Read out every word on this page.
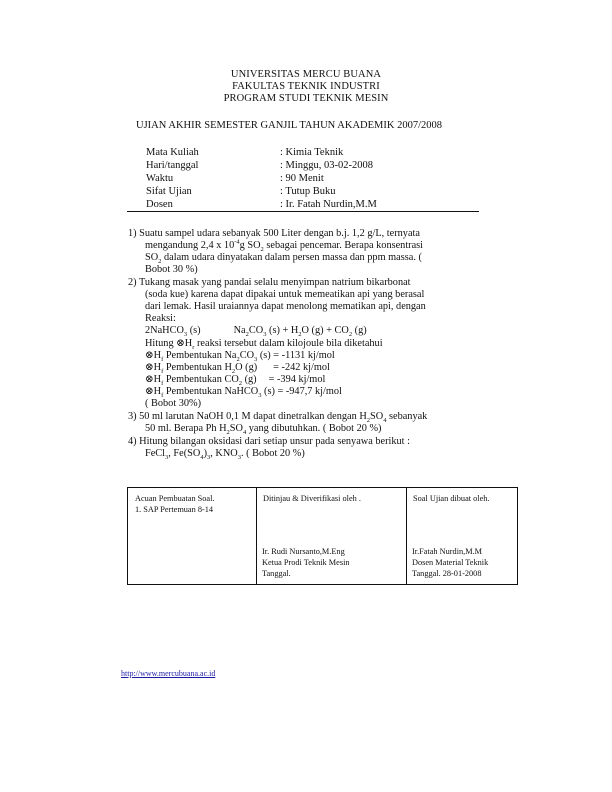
UNIVERSITAS MERCU BUANA
FAKULTAS TEKNIK INDUSTRI
PROGRAM STUDI TEKNIK MESIN
UJIAN AKHIR SEMESTER GANJIL TAHUN AKADEMIK 2007/2008
Mata Kuliah	: Kimia Teknik
Hari/tanggal	: Minggu, 03-02-2008
Waktu	: 90 Menit
Sifat Ujian	: Tutup Buku
Dosen	: Ir. Fatah Nurdin,M.M
1) Suatu sampel udara sebanyak 500 Liter dengan b.j. 1,2 g/L, ternyata
mengandung 2,4 x $10^{-4}g$ $SO_2$ sebagai pencemar. Berapa konsentrasi
$SO_2$ dalam udara dinyatakan dalam persen massa dan ppm massa. (
Bobot 30 %)
2) Tukang masak yang pandai selalu menyimpan natrium bikarbonat
(soda kue) karena dapat dipakai untuk memeatikan api yang berasal
dari lemak. Hasil uraiannya dapat menolong mematikan api, dengan
Reaksi:
2NaHCO$_3$ (s)	$Na_2CO_3$ $(s) + H_2O$ $(g) + CO_2$ (g)
Hitung $\otimes H_r$ reaksi tersebut dalam kilojoule bila diketahui
$\otimes H_f$ Pembentukan $Na_2CO_3$ (s) = -1131 kj/mol
$\otimes H_f$ Pembentukan $H_2O$ (g) = -242 kj/mol
$\otimes H_f$ Pembentukan $CO_2$ (g) = -394 kj/mol
$\otimes H_f$ Pembentukan NaHCO$_3$ (s) = -947,7 kj/mol
( Bobot 30%)
3) 50 ml larutan NaOH 0,1 M dapat dinetralkan dengan $H_2SO_4$ sebanyak
50 ml. Berapa Ph $H_2SO_4$ yang dibutuhkan. ( Bobot 20 %)
4) Hitung bilangan oksidasi dari setiap unsur pada senyawa berikut :
FeCl$_3$, $Fe(SO_4)_3$, $KNO_3$. ( Bobot 20 %)
Acuan Pembuatan Soal.
1. SAP Pertemuan 8-14
Ditinjau & Diverifikasi oleh .
Ir. Rudi Nursanto,M.Eng
Ketua Prodi Teknik Mesin
Tanggal.
Soal Ujian dibuat oleh.
Ir.Fatah Nurdin,M.M
Dosen Material Teknik
Tanggal. 28-01-2008
http://www.mercubuana.ac.id
